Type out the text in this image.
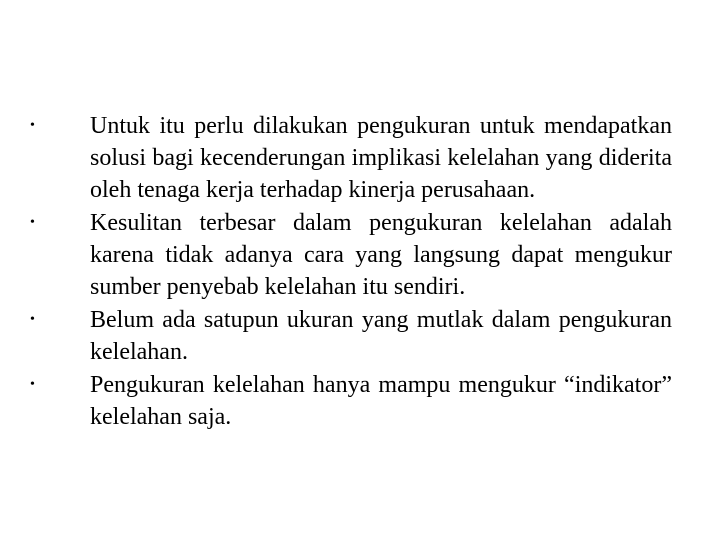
•	Untuk itu perlu dilakukan pengukuran untuk mendapatkan solusi bagi kecenderungan implikasi kelelahan yang diderita oleh tenaga kerja terhadap kinerja perusahaan.

•	Kesulitan terbesar dalam pengukuran kelelahan adalah karena tidak adanya cara yang langsung dapat mengukur sumber penyebab kelelahan itu sendiri.

•	Belum ada satupun ukuran yang mutlak dalam pengukuran kelelahan.

•	Pengukuran kelelahan hanya mampu mengukur “indikator” kelelahan saja.
